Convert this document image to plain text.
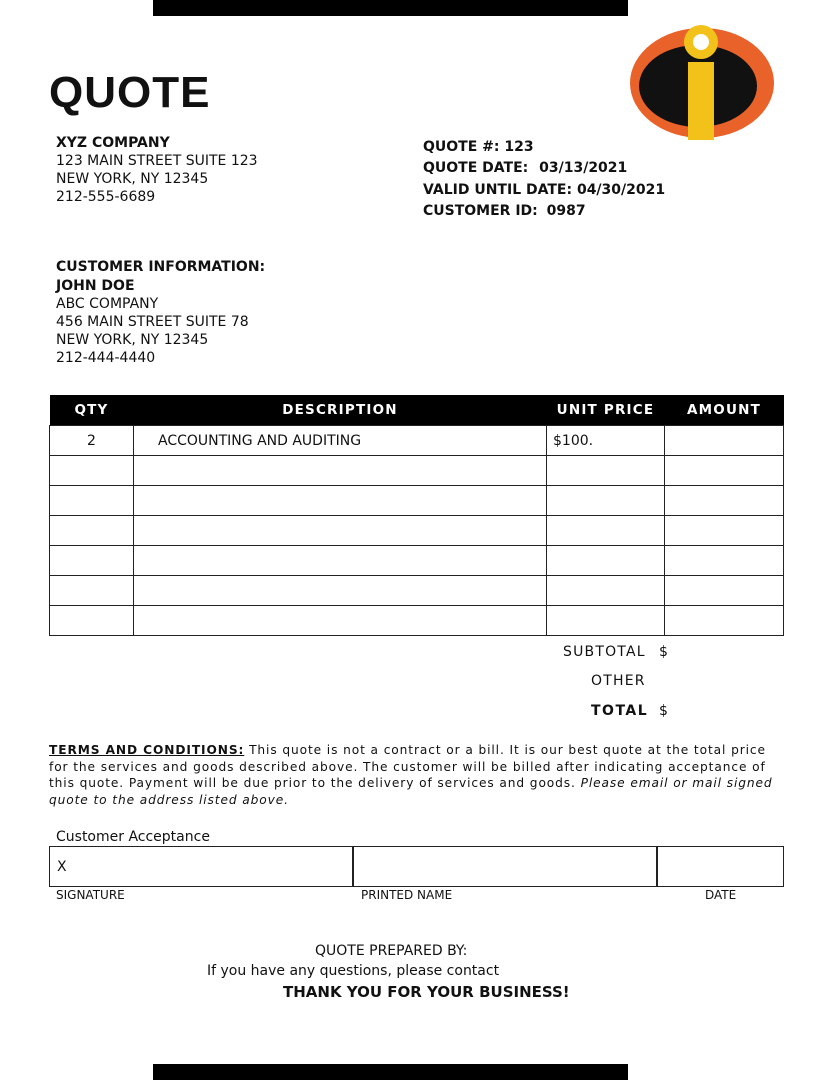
QUOTE
XYZ COMPANY
123 MAIN STREET SUITE 123
NEW YORK, NY 12345
212-555-6689
QUOTE #: 123
QUOTE DATE: 03/13/2021
VALID UNTIL DATE: 04/30/2021
CUSTOMER ID: 0987
CUSTOMER INFORMATION:
JOHN DOE
ABC COMPANY
456 MAIN STREET SUITE 78
NEW YORK, NY 12345
212-444-4440
QTY	DESCRIPTION	UNIT PRICE	AMOUNT
2	ACCOUNTING AND AUDITING	$100.	

SUBTOTAL $
OTHER
TOTAL $
TERMS AND CONDITIONS: This quote is not a contract or a bill. It is our best quote at the total price for the services and goods described above. The customer will be billed after indicating acceptance of this quote. Payment will be due prior to the delivery of services and goods. Please email or mail signed quote to the address listed above.
Customer Acceptance
X
SIGNATURE	PRINTED NAME	DATE
QUOTE PREPARED BY:
If you have any questions, please contact
THANK YOU FOR YOUR BUSINESS!
